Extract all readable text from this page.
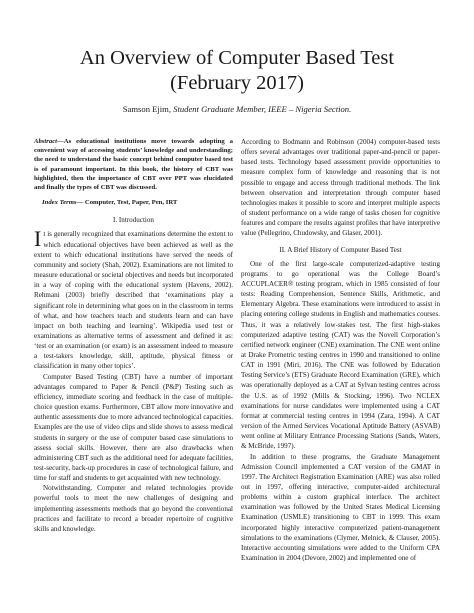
An Overview of Computer Based Test
(February 2017)
Samson Ejim, Student Graduate Member, IEEE – Nigeria Section.

Abstract—As educational institutions move towards adopting a convenient way of accessing students’ knowledge and understanding; the need to understand the basic concept behind computer based test is of paramount important. In this book, the history of CBT was highlighted, then the importance of CBT over PPT was elucidated and finally the types of CBT was discussed.

Index Terms— Computer, Test, Paper, Pen, IRT

I. Introduction

It is generally recognized that examinations determine the extent to which educational objectives have been achieved as well as the extent to which educational institutions have served the needs of community and society (Shah, 2002). Examinations are not limited to measure educational or societal objectives and needs but incorporated in a way of coping with the educational system (Havens, 2002). Rehmani (2003) briefly described that ‘examinations play a significant role in determining what goes on in the classroom in terms of what, and how teachers teach and students learn and can have impact on both teaching and learning’. Wikipedia used test or examinations as alternative terms of assessment and defined it as: ‘test or an examination (or exam) is an assessment indeed to measure a test-takers knowledge, skill, aptitude, physical fitness or classification in many other topics’.

Computer Based Testing (CBT) have a number of important advantages compared to Paper & Pencil (P&P) Testing such as efficiency, immediate scoring and feedback in the case of multiple-choice question exams. Furthermore, CBT allow more innovative and authentic assessments due to more advanced technological capacities. Examples are the use of video clips and slide shows to assess medical students in surgery or the use of computer based case simulations to assess social skills. However, there are also drawbacks when administering CBT such as the additional need for adequate facilities, test-security, back-up procedures in case of technological failure, and time for staff and students to get acquainted with new technology.

Notwithstanding, Computer and related technologies provide powerful tools to meet the new challenges of designing and implementing assessments methods that go beyond the conventional practices and facilitate to record a broader repertoire of cognitive skills and knowledge.

According to Bodmann and Robinson (2004) computer-based tests offers several advantages over traditional paper-and-pencil or paper-based tests. Technology based assessment provide opportunities to measure complex form of knowledge and reasoning that is not possible to engage and access through traditional methods. The link between observation and interpretation through computer based technologies makes it possible to score and interpret multiple aspects of student performance on a wide range of tasks chosen for cognitive features and compare the results against profiles that have interpretive value (Pellegrino, Chudowsky, and Glaser, 2001).

II. A Brief History of Computer Based Test

One of the first large-scale computerized-adaptive testing programs to go operational was the College Board’s ACCUPLACER® testing program, which in 1985 consisted of four tests: Reading Comprehension, Sentence Skills, Arithmetic, and Elementary Algebra. These examinations were introduced to assist in placing entering college students in English and mathematics courses. Thus, it was a relatively low-stakes test. The first high-stakes computerized adaptive testing (CAT) was the Novell Corporation’s certified network engineer (CNE) examination. The CNE went online at Drake Prometric testing centres in 1990 and transitioned to online CAT in 1991 (Miri, 2016). The CNE was followed by Education Testing Service’s (ETS) Graduate Record Examination (GRE), which was operationally deployed as a CAT at Sylvan testing centres across the U.S. as of 1992 (Mills & Stocking, 1996). Two NCLEX examinations for nurse candidates were implemented using a CAT format at commercial testing centres in 1994 (Zara, 1994). A CAT version of the Armed Services Vocational Aptitude Battery (ASVAB) went online at Military Entrance Processing Stations (Sands, Waters, & McBride, 1997).

In addition to these programs, the Graduate Management Admission Council implemented a CAT version of the GMAT in 1997. The Architect Registration Examination (ARE) was also rolled out in 1997, offering interactive, computer-aided architectural problems within a custom graphical interface. The architect examination was followed by the United States Medical Licensing Examination (USMLE) transitioning to CBT in 1999. This exam incorporated highly interactive computerized patient-management simulations to the examinations (Clymer, Melnick, & Clauser, 2005). Interactive accounting simulations were added to the Uniform CPA Examination in 2004 (Devore, 2002) and implemented one of
